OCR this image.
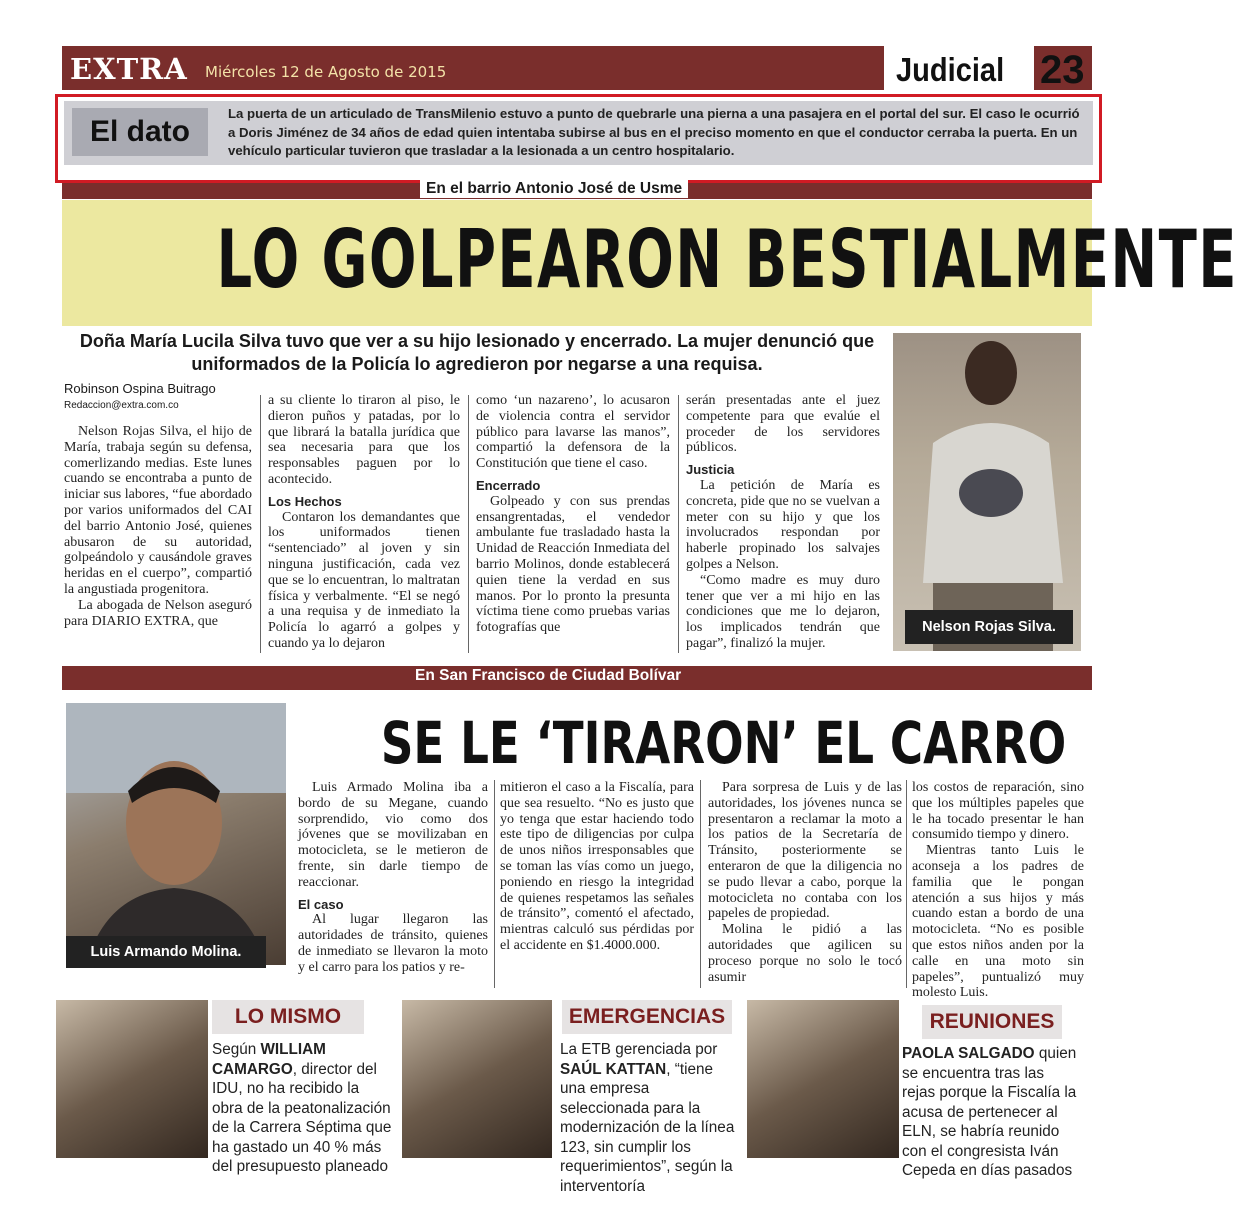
EXTRA Miércoles 12 de Agosto de 2015	Judicial 23
El dato
La puerta de un articulado de TransMilenio estuvo a punto de quebrarle una pierna a una pasajera en el portal del sur. El caso le ocurrió a Doris Jiménez de 34 años de edad quien intentaba subirse al bus en el preciso momento en que el conductor cerraba la puerta. En un vehículo particular tuvieron que trasladar a la lesionada a un centro hospitalario.
En el barrio Antonio José de Usme
LO GOLPEARON BESTIALMENTE
Doña María Lucila Silva tuvo que ver a su hijo lesionado y encerrado. La mujer denunció que uniformados de la Policía lo agredieron por negarse a una requisa.
Robinson Ospina Buitrago
Redaccion@extra.com.co

Nelson Rojas Silva, el hijo de María, trabaja según su defensa, comerlizando medias. Este lunes cuando se encontraba a punto de iniciar sus labores, “fue abordado por varios uniformados del CAI del barrio Antonio José, quienes abusaron de su autoridad, golpeándolo y causándole graves heridas en el cuerpo”, compartió la angustiada progenitora.

La abogada de Nelson aseguró para DIARIO EXTRA, que

a su cliente lo tiraron al piso, le dieron puños y patadas, por lo que librará la batalla jurídica que sea necesaria para que los responsables paguen por lo acontecido.

Los Hechos

Contaron los demandantes que los uniformados tienen “sentenciado” al joven y sin ninguna justificación, cada vez que se lo encuentran, lo maltratan física y verbalmente. “El se negó a una requisa y de inmediato la Policía lo agarró a golpes y cuando ya lo dejaron

como ‘un nazareno’, lo acusaron de violencia contra el servidor público para lavarse las manos”, compartió la defensora de la Constitución que tiene el caso.

Encerrado

Golpeado y con sus prendas ensangrentadas, el vendedor ambulante fue trasladado hasta la Unidad de Reacción Inmediata del barrio Molinos, donde establecerá quien tiene la verdad en sus manos. Por lo pronto la presunta víctima tiene como pruebas varias fotografías que

serán presentadas ante el juez competente para que evalúe el proceder de los servidores públicos.

Justicia

La petición de María es concreta, pide que no se vuelvan a meter con su hijo y que los involucrados respondan por haberle propinado los salvajes golpes a Nelson.

“Como madre es muy duro tener que ver a mi hijo en las condiciones que me lo dejaron, los implicados tendrán que pagar”, finalizó la mujer.

Nelson Rojas Silva.
En San Francisco de Ciudad Bolívar
Luis Armando Molina.
SE LE ‘TIRARON’ EL CARRO

Luis Armado Molina iba a bordo de su Megane, cuando sorprendido, vio como dos jóvenes que se movilizaban en motocicleta, se le metieron de frente, sin darle tiempo de reaccionar.

El caso

Al lugar llegaron las autoridades de tránsito, quienes de inmediato se llevaron la moto y el carro para los patios y re-

mitieron el caso a la Fiscalía, para que sea resuelto. “No es justo que yo tenga que estar haciendo todo este tipo de diligencias por culpa de unos niños irresponsables que se toman las vías como un juego, poniendo en riesgo la integridad de quienes respetamos las señales de tránsito”, comentó el afectado, mientras calculó sus pérdidas por el accidente en $1.4000.000.

Para sorpresa de Luis y de las autoridades, los jóvenes nunca se presentaron a reclamar la moto a los patios de la Secretaría de Tránsito, posteriormente se enteraron de que la diligencia no se pudo llevar a cabo, porque la motocicleta no contaba con los papeles de propiedad.

Molina le pidió a las autoridades que agilicen su proceso porque no solo le tocó asumir

los costos de reparación, sino que los múltiples papeles que le ha tocado presentar le han consumido tiempo y dinero.

Mientras tanto Luis le aconseja a los padres de familia que le pongan atención a sus hijos y más cuando estan a bordo de una motocicleta. “No es posible que estos niños anden por la calle en una moto sin papeles”, puntualizó muy molesto Luis.

LO MISMO
Según WILLIAM CAMARGO, director del IDU, no ha recibido la obra de la peatonalización de la Carrera Séptima que ha gastado un 40 % más del presupuesto planeado
EMERGENCIAS
La ETB gerenciada por SAÚL KATTAN, “tiene una empresa seleccionada para la modernización de la línea 123, sin cumplir los requerimientos”, según la interventoría
REUNIONES
PAOLA SALGADO quien se encuentra tras las rejas porque la Fiscalía la acusa de pertenecer al ELN, se habría reunido con el congresista Iván Cepeda en días pasados
